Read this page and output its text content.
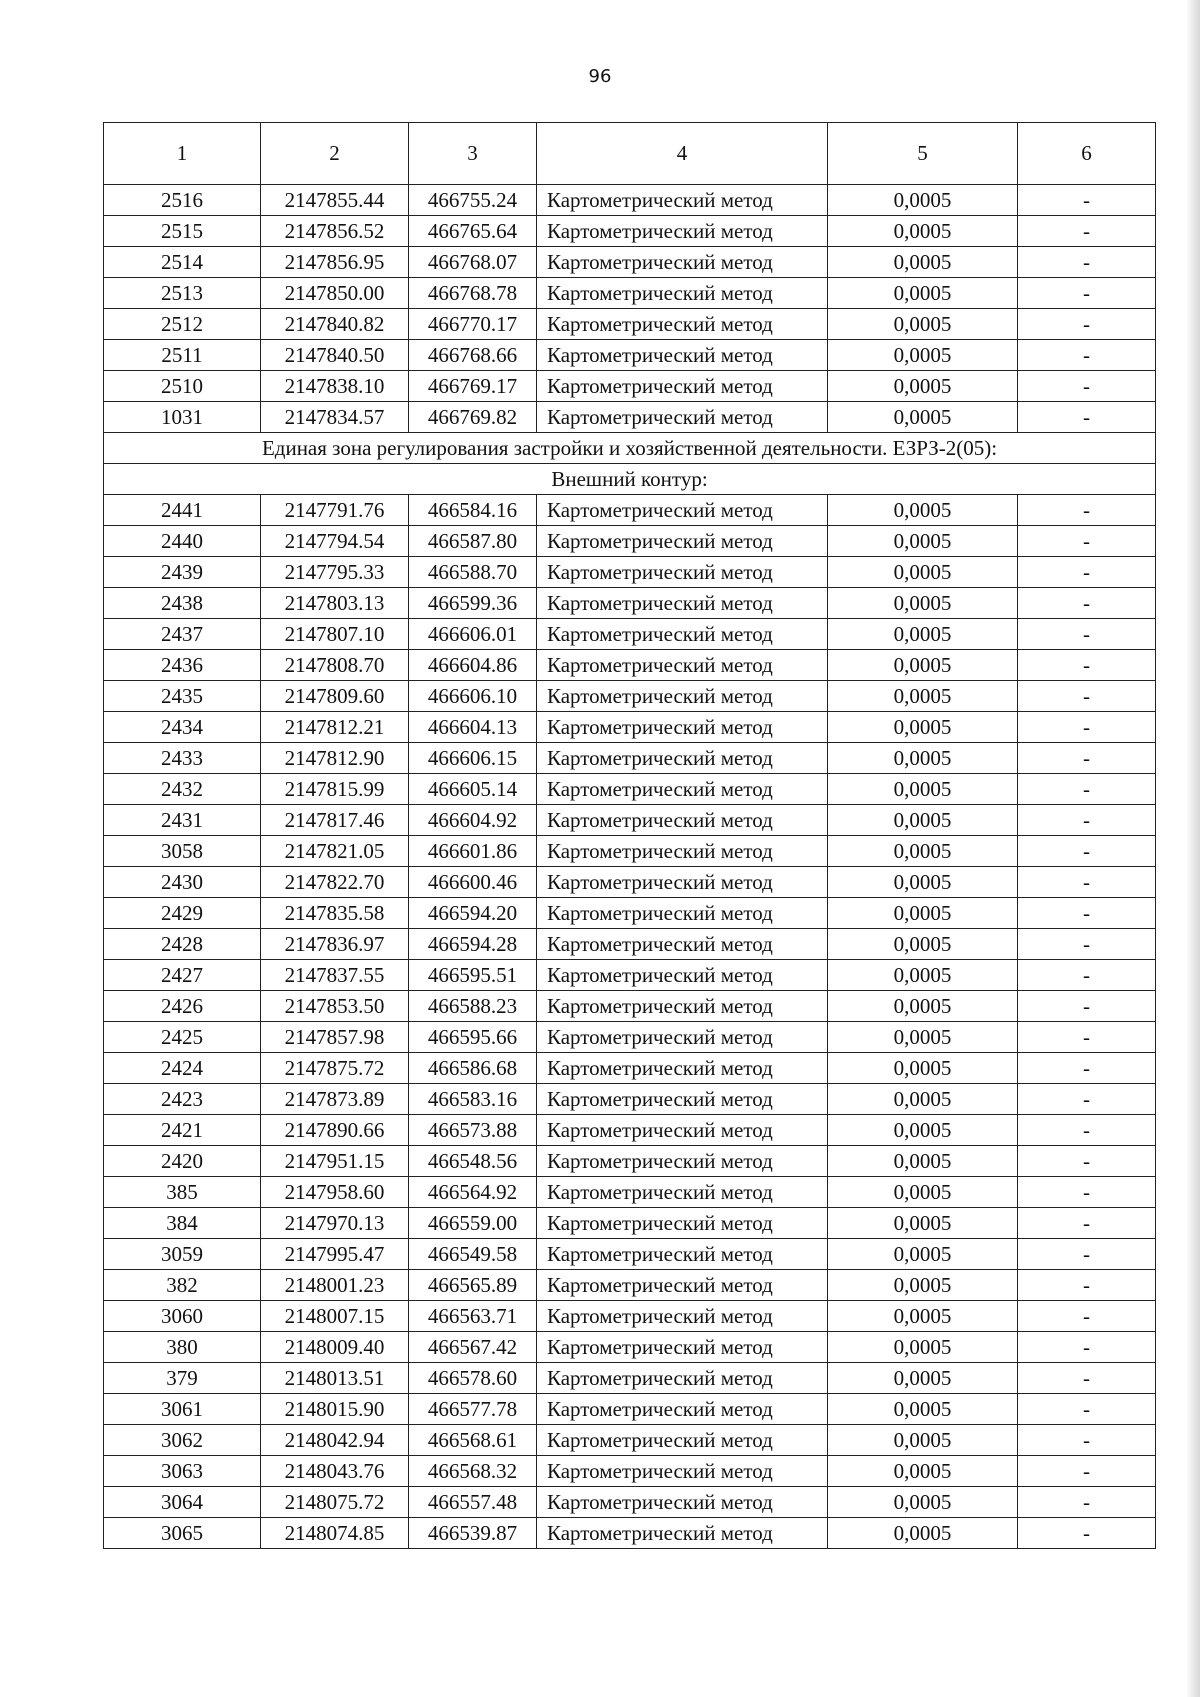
96
1	2	3	4	5	6
2516	2147855.44	466755.24	Картометрический метод	0,0005	-
2515	2147856.52	466765.64	Картометрический метод	0,0005	-
2514	2147856.95	466768.07	Картометрический метод	0,0005	-
2513	2147850.00	466768.78	Картометрический метод	0,0005	-
2512	2147840.82	466770.17	Картометрический метод	0,0005	-
2511	2147840.50	466768.66	Картометрический метод	0,0005	-
2510	2147838.10	466769.17	Картометрический метод	0,0005	-
1031	2147834.57	466769.82	Картометрический метод	0,0005	-
Единая зона регулирования застройки и хозяйственной деятельности. ЕЗРЗ-2(05):					
Внешний контур:					
2441	2147791.76	466584.16	Картометрический метод	0,0005	-
2440	2147794.54	466587.80	Картометрический метод	0,0005	-
2439	2147795.33	466588.70	Картометрический метод	0,0005	-
2438	2147803.13	466599.36	Картометрический метод	0,0005	-
2437	2147807.10	466606.01	Картометрический метод	0,0005	-
2436	2147808.70	466604.86	Картометрический метод	0,0005	-
2435	2147809.60	466606.10	Картометрический метод	0,0005	-
2434	2147812.21	466604.13	Картометрический метод	0,0005	-
2433	2147812.90	466606.15	Картометрический метод	0,0005	-
2432	2147815.99	466605.14	Картометрический метод	0,0005	-
2431	2147817.46	466604.92	Картометрический метод	0,0005	-
3058	2147821.05	466601.86	Картометрический метод	0,0005	-
2430	2147822.70	466600.46	Картометрический метод	0,0005	-
2429	2147835.58	466594.20	Картометрический метод	0,0005	-
2428	2147836.97	466594.28	Картометрический метод	0,0005	-
2427	2147837.55	466595.51	Картометрический метод	0,0005	-
2426	2147853.50	466588.23	Картометрический метод	0,0005	-
2425	2147857.98	466595.66	Картометрический метод	0,0005	-
2424	2147875.72	466586.68	Картометрический метод	0,0005	-
2423	2147873.89	466583.16	Картометрический метод	0,0005	-
2421	2147890.66	466573.88	Картометрический метод	0,0005	-
2420	2147951.15	466548.56	Картометрический метод	0,0005	-
385	2147958.60	466564.92	Картометрический метод	0,0005	-
384	2147970.13	466559.00	Картометрический метод	0,0005	-
3059	2147995.47	466549.58	Картометрический метод	0,0005	-
382	2148001.23	466565.89	Картометрический метод	0,0005	-
3060	2148007.15	466563.71	Картометрический метод	0,0005	-
380	2148009.40	466567.42	Картометрический метод	0,0005	-
379	2148013.51	466578.60	Картометрический метод	0,0005	-
3061	2148015.90	466577.78	Картометрический метод	0,0005	-
3062	2148042.94	466568.61	Картометрический метод	0,0005	-
3063	2148043.76	466568.32	Картометрический метод	0,0005	-
3064	2148075.72	466557.48	Картометрический метод	0,0005	-
3065	2148074.85	466539.87	Картометрический метод	0,0005	-
